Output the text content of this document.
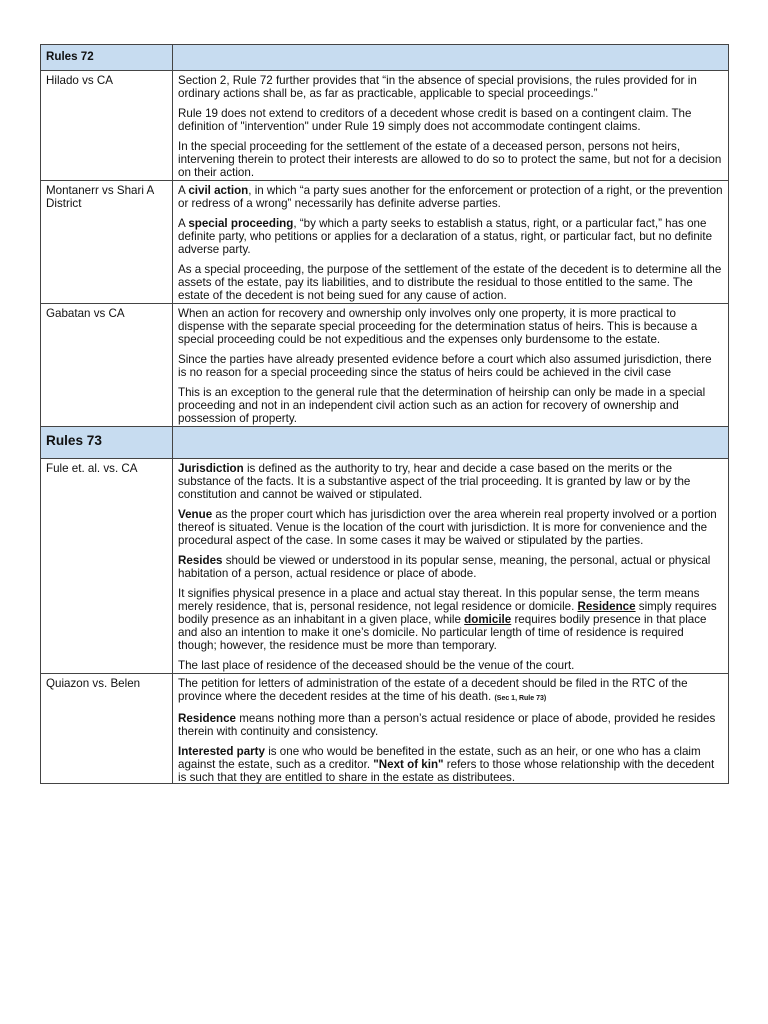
Rules 72	
Hilado vs CA	Section 2, Rule 72 further provides that “in the absence of special provisions, the rules provided for in ordinary actions shall be, as far as practicable, applicable to special proceedings.”

Rule 19 does not extend to creditors of a decedent whose credit is based on a contingent claim. The definition of "intervention" under Rule 19 simply does not accommodate contingent claims.

In the special proceeding for the settlement of the estate of a deceased person, persons not heirs, intervening therein to protect their interests are allowed to do so to protect the same, but not for a decision on their action.

Montanerr vs Shari A District	A civil action, in which “a party sues another for the enforcement or protection of a right, or the prevention or redress of a wrong” necessarily has definite adverse parties.

A special proceeding, “by which a party seeks to establish a status, right, or a particular fact,” has one definite party, who petitions or applies for a declaration of a status, right, or particular fact, but no definite adverse party.

As a special proceeding, the purpose of the settlement of the estate of the decedent is to determine all the assets of the estate, pay its liabilities, and to distribute the residual to those entitled to the same. The estate of the decedent is not being sued for any cause of action.

Gabatan vs CA	When an action for recovery and ownership only involves only one property, it is more practical to dispense with the separate special proceeding for the determination status of heirs. This is because a special proceeding could be not expeditious and the expenses only burdensome to the estate.

Since the parties have already presented evidence before a court which also assumed jurisdiction, there is no reason for a special proceeding since the status of heirs could be achieved in the civil case

This is an exception to the general rule that the determination of heirship can only be made in a special proceeding and not in an independent civil action such as an action for recovery of ownership and possession of property.

Rules 73	
Fule et. al. vs. CA	Jurisdiction is defined as the authority to try, hear and decide a case based on the merits or the substance of the facts. It is a substantive aspect of the trial proceeding. It is granted by law or by the constitution and cannot be waived or stipulated.

Venue as the proper court which has jurisdiction over the area wherein real property involved or a portion thereof is situated. Venue is the location of the court with jurisdiction. It is more for convenience and the procedural aspect of the case. In some cases it may be waived or stipulated by the parties.

Resides should be viewed or understood in its popular sense, meaning, the personal, actual or physical habitation of a person, actual residence or place of abode.

It signifies physical presence in a place and actual stay thereat. In this popular sense, the term means merely residence, that is, personal residence, not legal residence or domicile. Residence simply requires bodily presence as an inhabitant in a given place, while domicile requires bodily presence in that place and also an intention to make it one’s domicile. No particular length of time of residence is required though; however, the residence must be more than temporary.

The last place of residence of the deceased should be the venue of the court.

Quiazon vs. Belen	The petition for letters of administration of the estate of a decedent should be filed in the RTC of the province where the decedent resides at the time of his death. (Sec 1, Rule 73)

Residence means nothing more than a person’s actual residence or place of abode, provided he resides therein with continuity and consistency.

Interested party is one who would be benefited in the estate, such as an heir, or one who has a claim against the estate, such as a creditor. "Next of kin" refers to those whose relationship with the decedent is such that they are entitled to share in the estate as distributees.
